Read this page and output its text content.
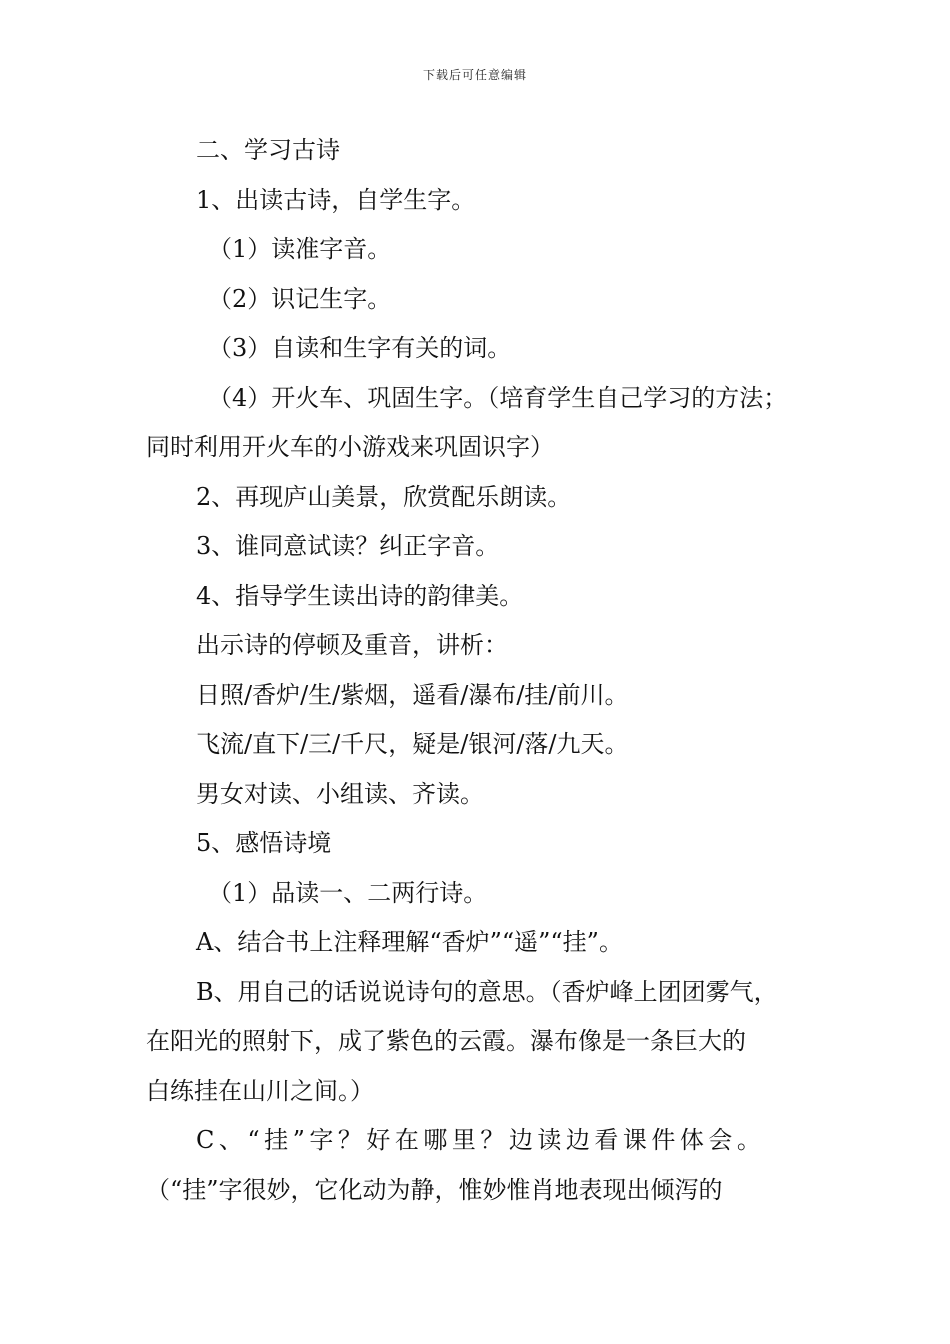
下载后可任意编辑
二、学习古诗
1、出读古诗，自学生字。
（1）读准字音。
（2）识记生字。
（3）自读和生字有关的词。
（4）开火车、巩固生字。（培育学生自己学习的方法；
同时利用开火车的小游戏来巩固识字）
2、再现庐山美景，欣赏配乐朗读。
3、谁同意试读？纠正字音。
4、指导学生读出诗的韵律美。
出示诗的停顿及重音，讲析：
日照/香炉/生/紫烟，遥看/瀑布/挂/前川。
飞流/直下/三/千尺，疑是/银河/落/九天。
男女对读、小组读、齐读。
5、感悟诗境
（1）品读一、二两行诗。
A、结合书上注释理解“香炉”“遥”“挂”。
B、用自己的话说说诗句的意思。（香炉峰上团团雾气，
在阳光的照射下，成了紫色的云霞。瀑布像是一条巨大的
白练挂在山川之间。）
C、“挂”字？好在哪里？边读边看课件体会。
（“挂”字很妙，它化动为静，惟妙惟肖地表现出倾泻的
